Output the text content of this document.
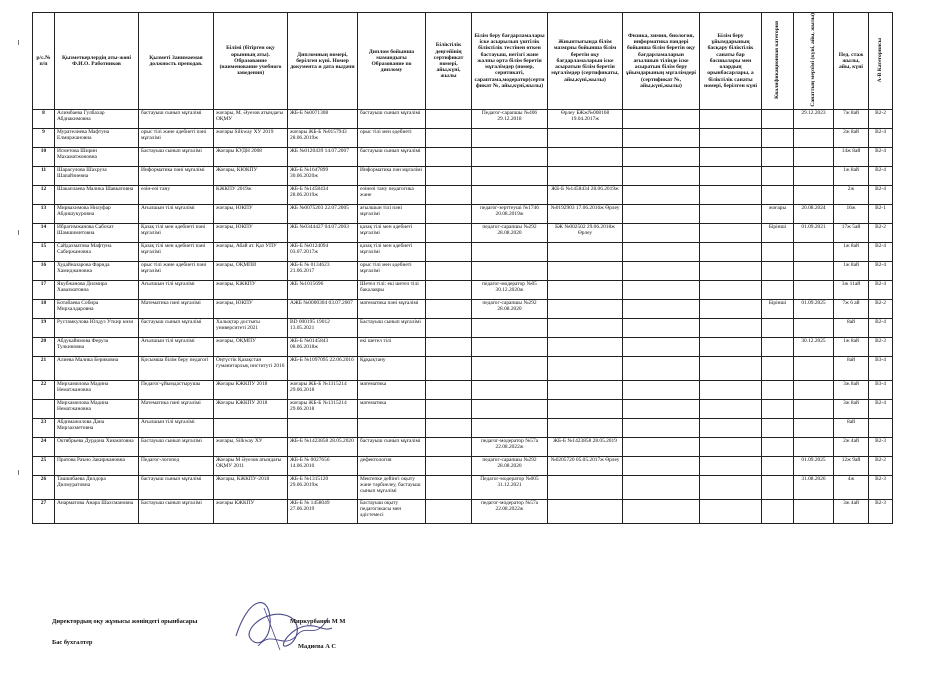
р/с.№ п/п	Қызметкерлердің аты-жөні Ф.И.О. Работников	Қызметі Занимаемая должность преподав.	Білімі (бітірген оқу орынның аты). Образование (наименование учебного заведения)	Дипломның номері, берілген күні. Номер документа и дата выдачи	Диплом бойынша мамандығы Образование по диплому	Біліктілік деңгейінің сертификат номері, айы,күні, жылы	Білім беру бағдарламалары іске асырылып үштілік біліктілік тестінен өткен бастауыш, негізгі және жалпы орта білім беретін мұғалімдер (номер, серитикаті, сараптама,модератор(сертификат №, айы,күні,жылы)	Жиынтығында білім мазмұны бойынша білім беретін оқу бағдарламаларын іске асыратын білім беретін мұғалімдер (сертификаты, айы,күні,жылы)	Физика, химия, биология, информатика пәндері бойынша білім беретін оқу бағдарламаларын ағылшын тілінде іске асыратын білім беру ұйымдарының мұғалімдері (сертификат №, айы,күні,жылы)	Білім беру ұйымдарының басқару біліктілік санаты бар басшылары мен олардың орынбасарлары, a біліктілік санаты номері, берілген күні	Квалификационная категория	Санаттың мерзімі (күні, айы, жылы)	Пед. стаж жылы, айы, күні	А-В Категориясы
8	Алимбаева Гулбахар Абдиакимовна	бастауыш сынып мұғалімі	жоғары, М. Әуезов атындағы ОҚМУ	ЖБ-Б №0071308	бастауыш сынып мұғалімі		Педагог-сарапшы №406 29.12.2018	Өрлеу БЖж№008168 19.04.2017ж				29.12.2023	7ж 8ай	В2-2
9	Мурателиева Мафтуна Елмиржановна	орыс тілі және әдебиеті пәні мұғалімі	жоғары Silkway ХУ 2019	жоғары ЖБ-Б №0157943 28.06.2019ж	орыс тілі мен әдебиеті								2ж 8ай	В2-4
10	Исметова Ширин Махаматжоновна	Бастауыш сынып мұғалімі	Жоғары КУДН 2008	ЖБ №0120439 14.07.2007	бастауыш сынып мұғалімі								14ж 8ай	В2-4
11	Шарасулова Шахруза Шапайзиевна	Информатика пәні мұғалімі	Жоғары, КЮКПУ	ЖБ-Б №1647899 30.06.2020ж	Информатика пән мұғалімі								1ж 8ай	В2-4
12	Шакаплаева Малика Шавкатовна	өзін-өзі тану	КЖКПУ 2019ж	ЖБ-Б №1458434 28.06.2019ж	өзінөзі тану педагогика және			ЖБ-Б №1458434 28.06.2019ж					2ж	В2-4
13	Мирвахимова Нилуфар Абдишукуровна	Ағылшын тілі мұғалімі	жоғары, ЮКПУ	ЖБ №0075203 22.07.2005	ағылшын тілі пәні мұғалімі		педагог-зерттеуші №1746 20.08.2019ж	№0192903 17.06.2016ж Өрлеу			жоғары	20.08.2024	16ж	В2-1
14	Ибрагимжанова Сабохат Шамшимитовна	Қазақ тілі мен әдебиеті пәні мұғалімі	жоғары, ЮКПУ	ЖБ №0344427 04.07.2003	қазақ тілі мен әдебиеті мұғалімі		педагог-сарапшы №292 28.08.2020	БЖ №002502 29.06.2018ж Өрлеу			Бірінші	01.09.2021	17ж 5ай	В2-2
15	Сайдахматова Мафтуна Сабиржановна	Қазақ тілі мен әдебиеті пәні мұғалімі	жоғары, Абай ат. Қаз УПУ	ЖБ-Б №0124094 03.07.2017ж	қазақ тілі мен әдебиеті мұғалімі								1ж 8ай	В2-4
16	Худайназарова Фарида Хамиджановна	орыс тілі және әдебиеті пәні мұғалімі	жоғары, ОҚМПИ	ЖБ-Б № 0134623 21.06.2017	орыс тілі мен әдебиеті мұғалімі								1ж 8ай	В2-4
17	Якубжанова Дилмира Хавазматовна	Ағылшын тілі мұғалімі	жоғары, КЖКПУ	ЖБ №1015696	Шетел тілі: екі шетел тілі бакалавры		педагог-модератор №05 30.12.2020ж						3ж 11ай	В2-4
18	Ботабаева Собира Мирхалдаровна	Математика пәні мұғалімі	жоғары, ЮКПУ	АЖБ №0000304 03.07.2007	математика пәні мұғалімі		педагог-сарапшы №292 28.08.2020				Бірінші	01.09.2025	7ж 6 ай	В2-2
19	Рустамкулова Юлдуз Уткир кизи	бастауыш сынып мұғалімі	Халықтар достығы университеті 2021	ВD 000195 19012 13.05.2021	Бастауыш сынып мұғалімі								8ай	В2-4
20	Абдукайимова Феруза Тулкиновна	Ағылшын тілі мұғалімі	жоғары, ОҚМПУ	ЖБ-Б №0145843 08.06.2018ж	екі шетел тілі							30.12.2025	1ж 8ай	В2-3
21	Алиева Малика Бериковна	Қосымша білім беру педагогі	Оңтүстік Қазақстан гуманитарлық институті 2016	ЖБ-Б №1097095 22.06.2016	Құқықтану								8ай	В3-4
22	Мирхамилова Мадина Нематжановна	Педагог-ұйымдастырушы	Жоғары КЖКПУ 2018	жоғары ЖБ-Б №1315214 29.06.2018	математика								3ж 8ай	В3-4
	Мирхамилова Мадина Нематжановна	Математика пәні мұғалімі	Жоғары КЖКПУ 2018	жоғары ЖБ-Б №1315214 29.06.2018	математика								3ж 8ай	В2-4
23	Абдимажилова Дана Мирзахметовна	Ағылшын тілі мұғалімі											8ай	
24	Октябрьева Дурдона Хикматовна	Бастауыш сынып мұғалімі	жоғары, Silkway ХУ	ЖБ-Б №1423858 28.05.2020	бастауыш сынып мұғалімі		педагог-модератор №57а 22.08.2022ж	ЖБ-Б №1423858 28.05.2019					2ж 4ай	В2-3
25	Пратова Раъно Закиржановна	Педагог-логопед	Жоғары М Әуезов атындағы ОҚМУ 2011	ЖБ-Б № 0027656 14.06.2010	дефектология		педагог-сарапшы №292 28.08.2020	№0205720 05.05.2017ж Өрлеу				01.09.2025	12ж 9ай	В2-2
26	Ташкибаева Дилдора Дилмуратовна	бастауыш сынып мұғалімі	Жоғары, КЖКПУ-2018	ЖБ-Б №1315120 29.06.2019ж	Мектепке дейінгі оқыту және тәрбиелеу, бастауыш сынып мұғалімі		Педагог-модератор №005 31.12.2021					31.08.2026	4ж	В2-3
27	Анарматова Анара Шахсмановна	Бастауыш сынып мұғалімі	жоғары КЖКПУ	ЖБ-Б № 1458049 27.06.2019	Бастауыш оқыту педагогикасы мен әдістемесі		педагог-модератор №57а 22.08.2022ж						3ж 4ай	В2-3
Директордың оқу жұмысы жөніндегі орынбасары	Миркурбанов М М
Бас бухгалтер
Мадиева А С
